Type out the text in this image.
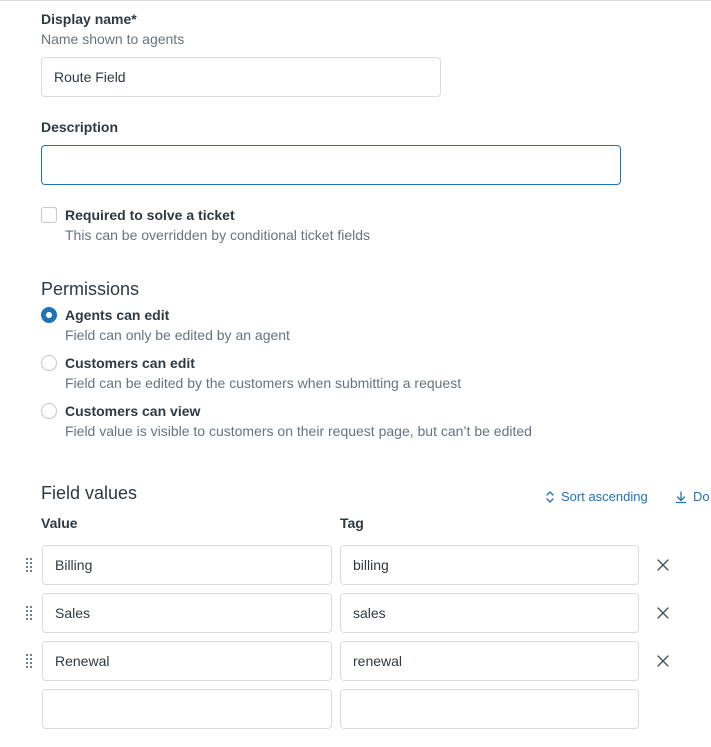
Display name*
Name shown to agents
Route Field
Description
Required to solve a ticket
This can be overridden by conditional ticket fields
Permissions
Agents can edit
Field can only be edited by an agent
Customers can edit
Field can be edited by the customers when submitting a request
Customers can view
Field value is visible to customers on their request page, but can’t be edited
Field values	Sort ascending	Do
Value	Tag
Billing	billing
Sales	sales
Renewal	renewal
